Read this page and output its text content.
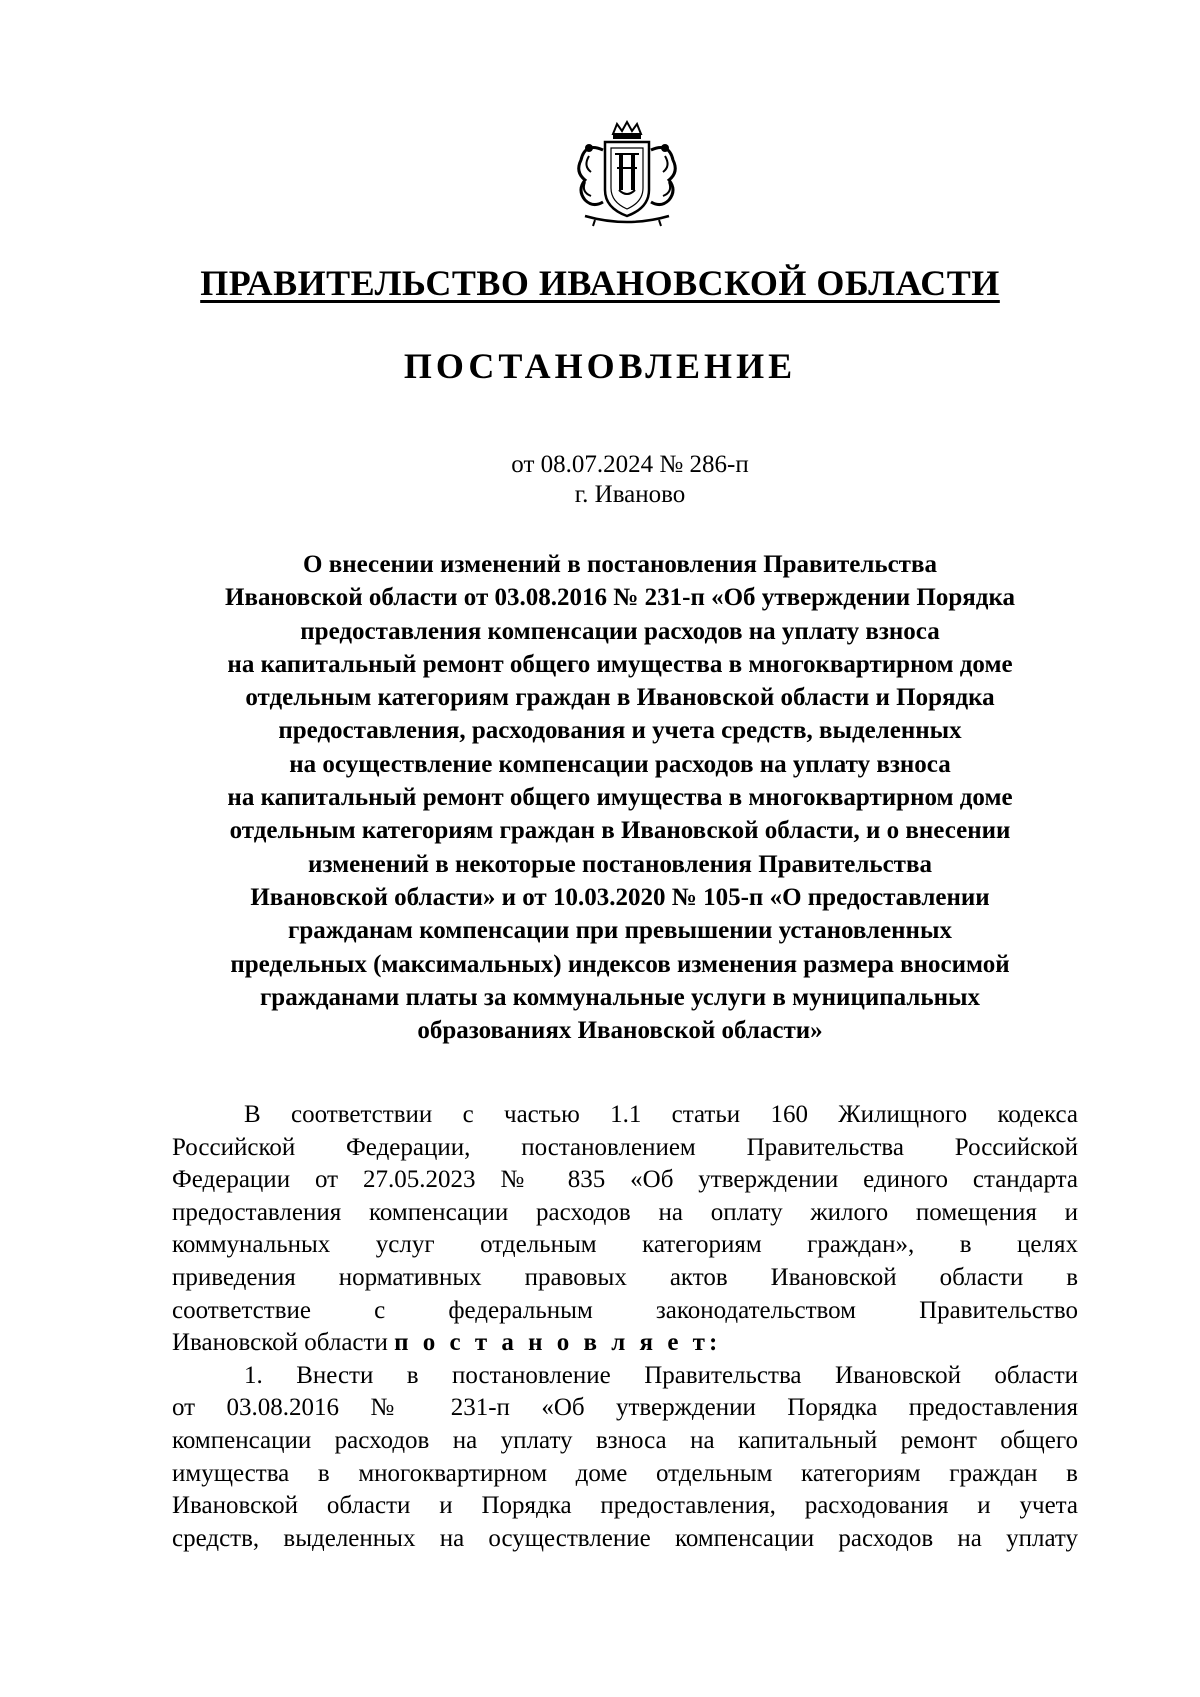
ПРАВИТЕЛЬСТВО ИВАНОВСКОЙ ОБЛАСТИ
ПОСТАНОВЛЕНИЕ
от 08.07.2024 № 286-п
г. Иваново
О внесении изменений в постановления Правительства
Ивановской области от 03.08.2016 № 231-п «Об утверждении Порядка
предоставления компенсации расходов на уплату взноса
на капитальный ремонт общего имущества в многоквартирном доме
отдельным категориям граждан в Ивановской области и Порядка
предоставления, расходования и учета средств, выделенных
на осуществление компенсации расходов на уплату взноса
на капитальный ремонт общего имущества в многоквартирном доме
отдельным категориям граждан в Ивановской области, и о внесении
изменений в некоторые постановления Правительства
Ивановской области» и от 10.03.2020 № 105-п «О предоставлении
гражданам компенсации при превышении установленных
предельных (максимальных) индексов изменения размера вносимой
гражданами платы за коммунальные услуги в муниципальных
образованиях Ивановской области»
В соответствии с частью 1.1 статьи 160 Жилищного кодекса
Российской Федерации, постановлением Правительства Российской
Федерации от 27.05.2023 № 835 «Об утверждении единого стандарта
предоставления компенсации расходов на оплату жилого помещения и
коммунальных услуг отдельным категориям граждан», в целях
приведения нормативных правовых актов Ивановской области в
соответствие с федеральным законодательством Правительство
Ивановской области п о с т а н о в л я е т:
1. Внести в постановление Правительства Ивановской области
от 03.08.2016 № 231-п «Об утверждении Порядка предоставления
компенсации расходов на уплату взноса на капитальный ремонт общего
имущества в многоквартирном доме отдельным категориям граждан в
Ивановской области и Порядка предоставления, расходования и учета
средств, выделенных на осуществление компенсации расходов на уплату
